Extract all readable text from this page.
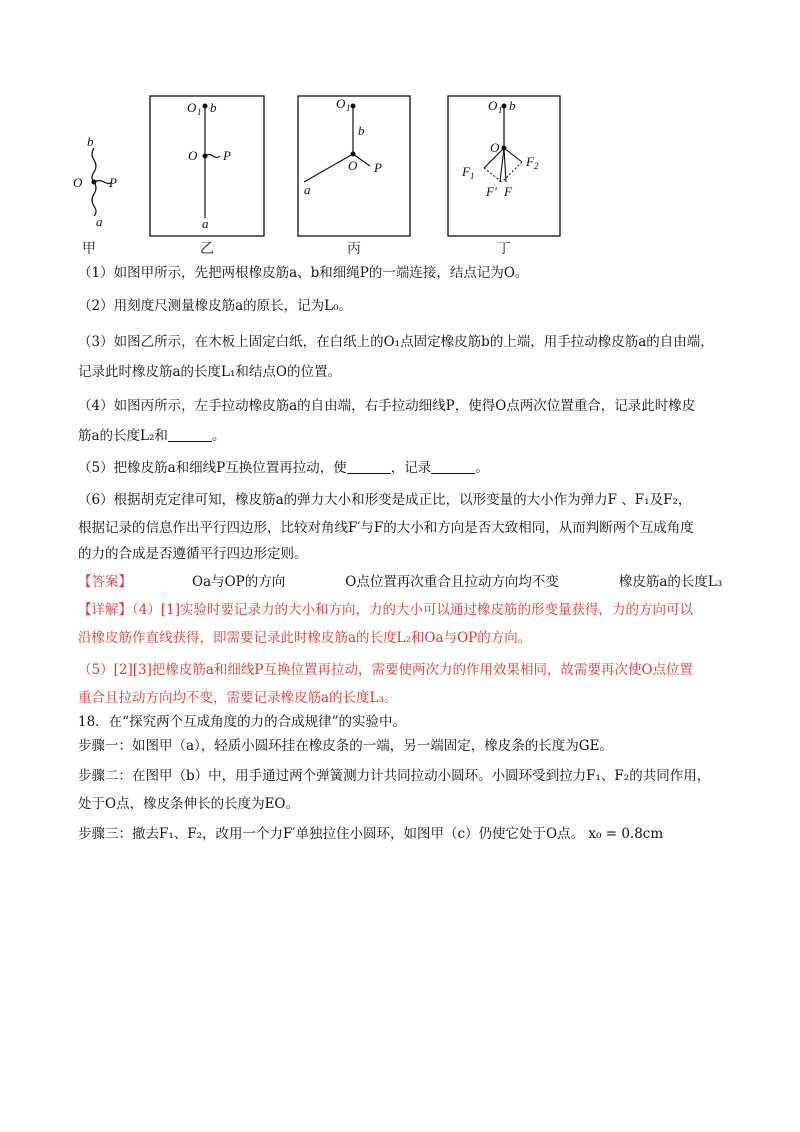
b
O P
a
甲
O 1 b
O P
a
乙
O 1
b
O P
a
丙
O 1 b
O
F 1
F 2
F′ F
丁
（1）如图甲所示，先把两根橡皮筋a、b和细绳P的一端连接，结点记为O。
（2）用刻度尺测量橡皮筋a的原长，记为L₀。
（3）如图乙所示，在木板上固定白纸，在白纸上的O₁点固定橡皮筋b的上端，用手拉动橡皮筋a的自由端，
记录此时橡皮筋a的长度L₁和结点O的位置。
（4）如图丙所示，左手拉动橡皮筋a的自由端，右手拉动细线P，使得O点两次位置重合，记录此时橡皮
筋a的长度L₂和	。
（5）把橡皮筋a和细线P互换位置再拉动，使	，记录	。
（6）根据胡克定律可知，橡皮筋a的弹力大小和形变是成正比，以形变量的大小作为弹力F 、F₁及F₂，
根据记录的信息作出平行四边形，比较对角线F′与F的大小和方向是否大致相同，从而判断两个互成角度
的力的合成是否遵循平行四边形定则。
【答案】	Oa与OP的方向	O点位置再次重合且拉动方向均不变	橡皮筋a的长度L₃
【详解】（4）[1]实验时要记录力的大小和方向，力的大小可以通过橡皮筋的形变量获得，力的方向可以
沿橡皮筋作直线获得，即需要记录此时橡皮筋a的长度L₂和Oa与OP的方向。
（5）[2][3]把橡皮筋a和细线P互换位置再拉动，需要使两次力的作用效果相同，故需要再次使O点位置
重合且拉动方向均不变，需要记录橡皮筋a的长度L₃。
18．在“探究两个互成角度的力的合成规律”的实验中。
步骤一：如图甲（a），轻质小圆环挂在橡皮条的一端，另一端固定，橡皮条的长度为GE。
步骤二：在图甲（b）中，用手通过两个弹簧测力计共同拉动小圆环。小圆环受到拉力F₁、F₂的共同作用，
处于O点，橡皮条伸长的长度为EO。
步骤三：撤去F₁、F₂，改用一个力F′单独拉住小圆环，如图甲（c）仍使它处于O点。 x₀ = 0.8cm
